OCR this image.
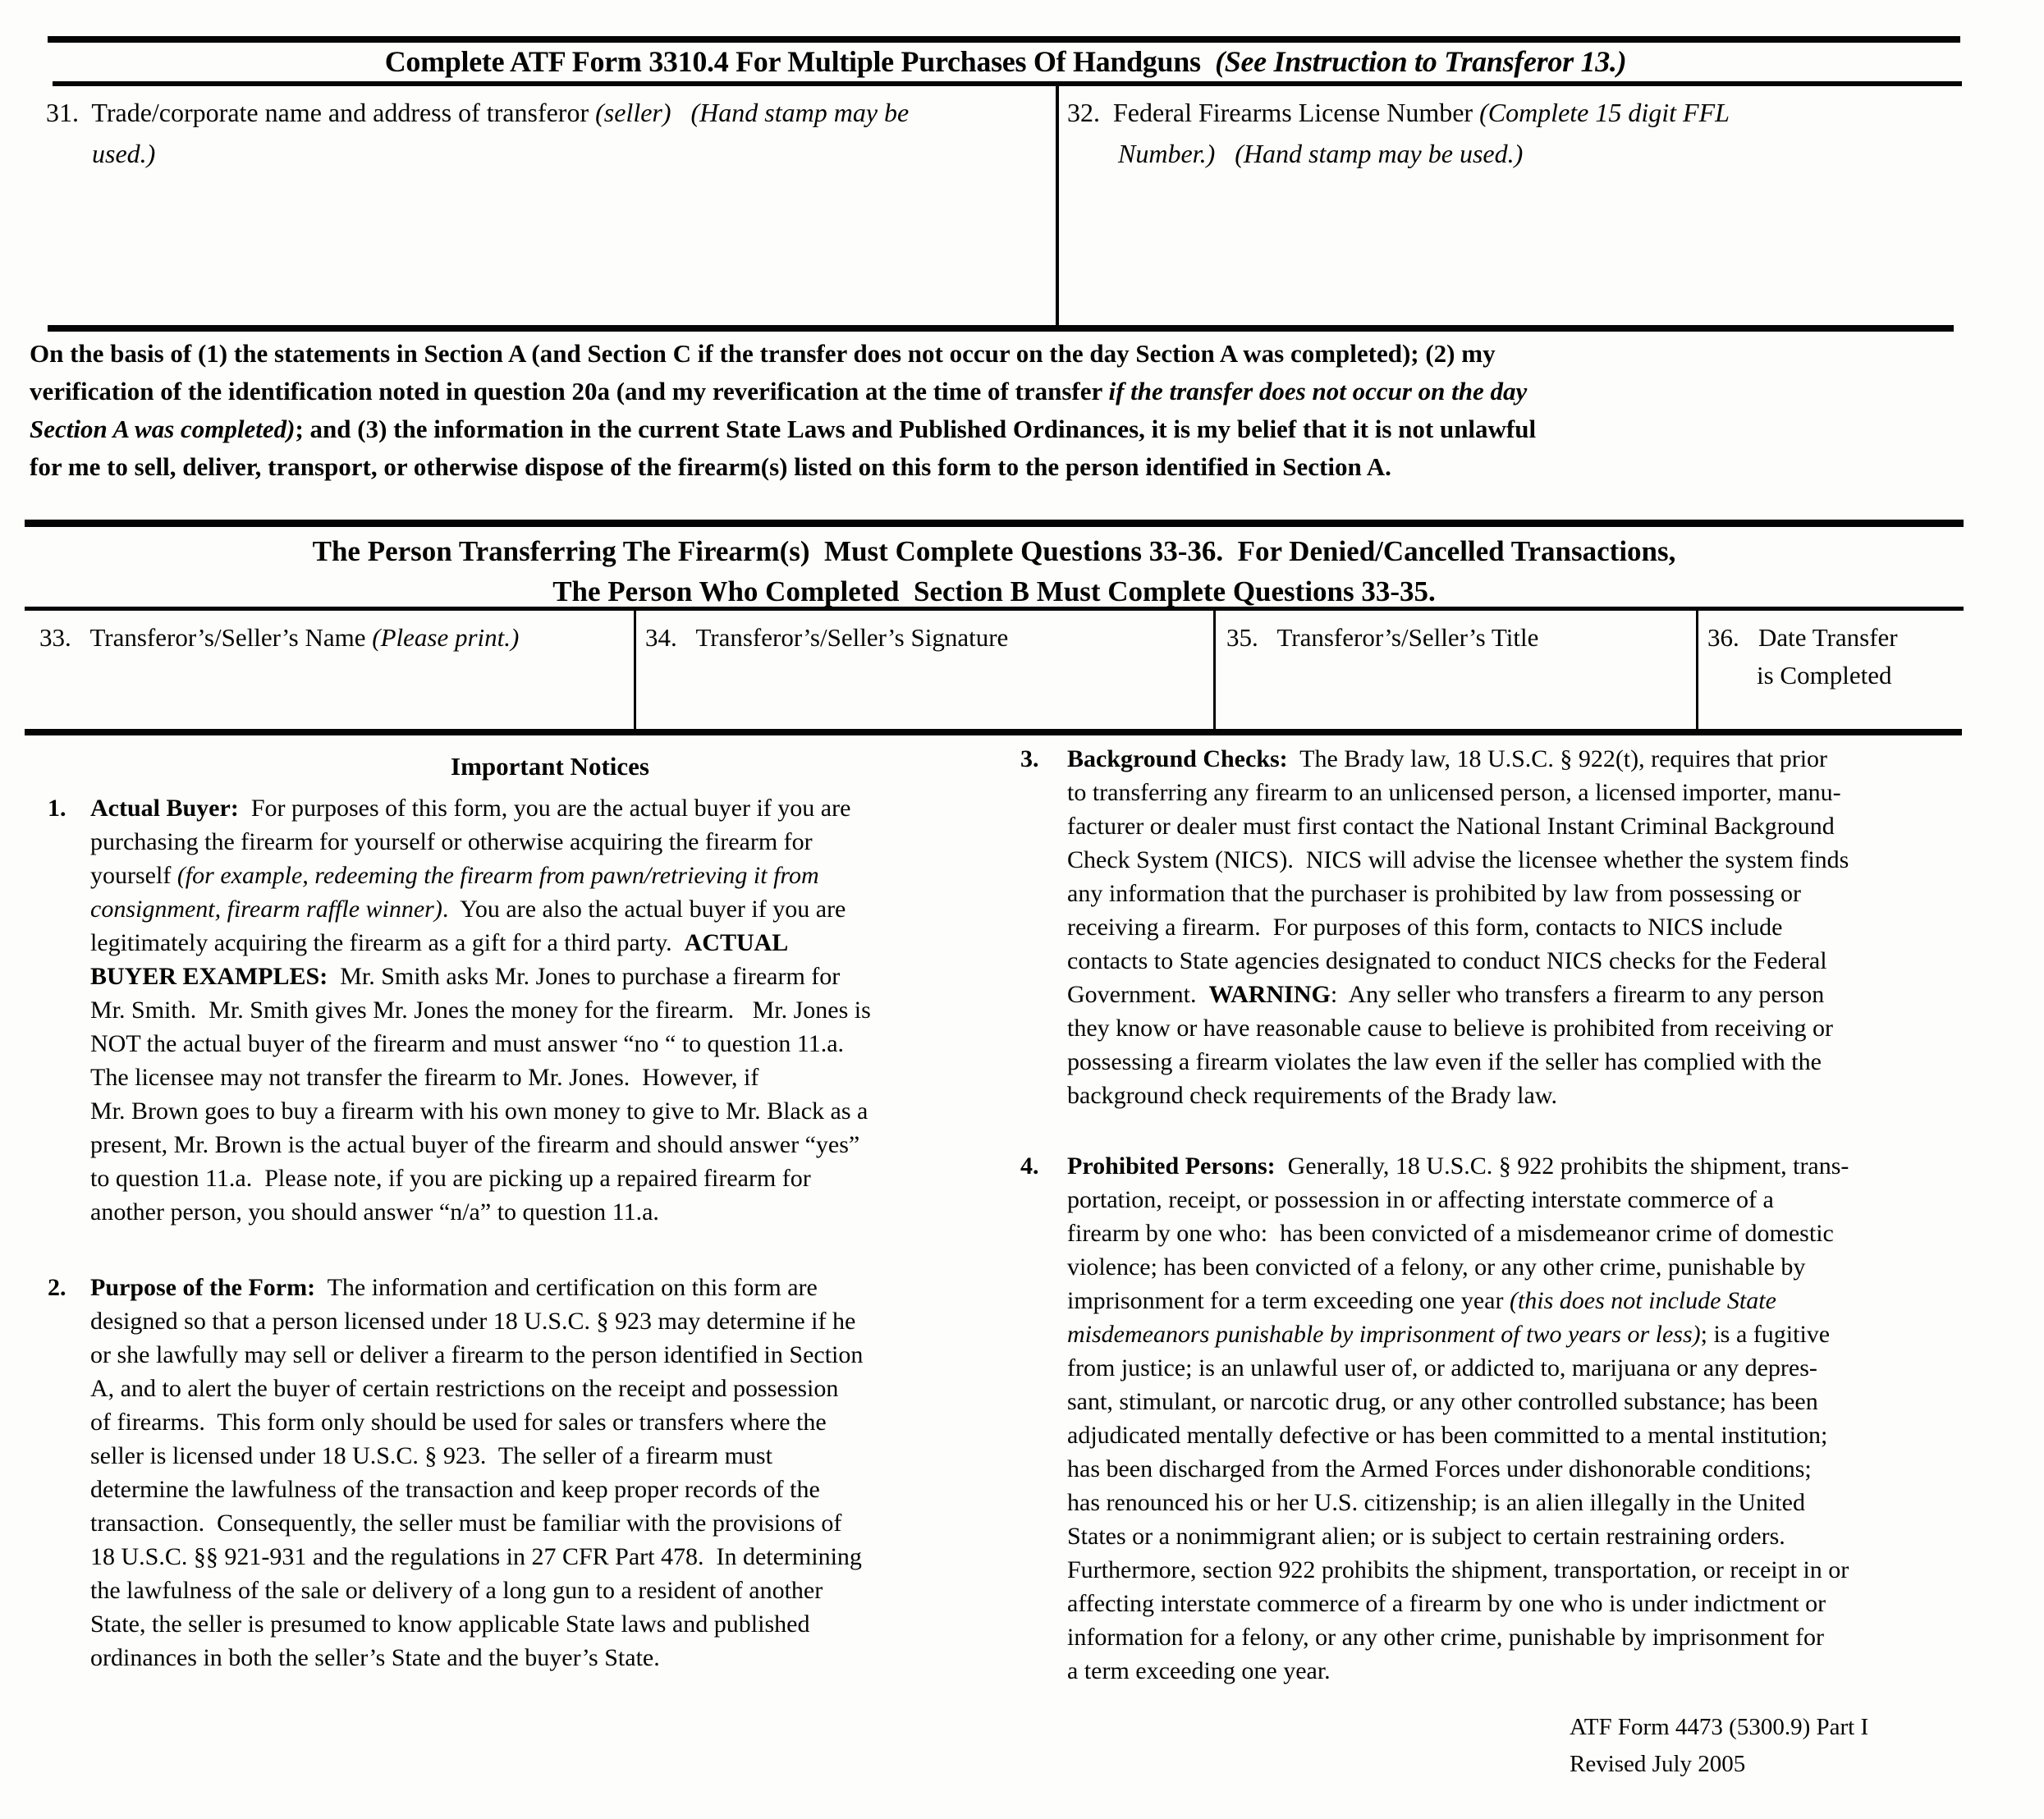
Complete ATF Form 3310.4 For Multiple Purchases Of Handguns  (See Instruction to Transferor 13.)
31.  Trade/corporate name and address of transferor (seller) (Hand stamp may be
used.)
32.  Federal Firearms License Number (Complete 15 digit FFL
Number.)   (Hand stamp may be used.)
On the basis of (1) the statements in Section A (and Section C if the transfer does not occur on the day Section A was completed); (2) my
verification of the identification noted in question 20a (and my reverification at the time of transfer if the transfer does not occur on the day
Section A was completed); and (3) the information in the current State Laws and Published Ordinances, it is my belief that it is not unlawful
for me to sell, deliver, transport, or otherwise dispose of the firearm(s) listed on this form to the person identified in Section A.
The Person Transferring The Firearm(s)  Must Complete Questions 33-36.  For Denied/Cancelled Transactions,
The Person Who Completed  Section B Must Complete Questions 33-35.
33.   Transferor’s/Seller’s Name (Please print.)	34.   Transferor’s/Seller’s Signature	35.   Transferor’s/Seller’s Title	36.   Date Transfer
is Completed
Important Notices
1. Actual Buyer:  For purposes of this form, you are the actual buyer if you are
purchasing the firearm for yourself or otherwise acquiring the firearm for
yourself (for example, redeeming the firearm from pawn/retrieving it from
consignment, firearm raffle winner).  You are also the actual buyer if you are
legitimately acquiring the firearm as a gift for a third party.  ACTUAL
BUYER EXAMPLES:  Mr. Smith asks Mr. Jones to purchase a firearm for
Mr. Smith.  Mr. Smith gives Mr. Jones the money for the firearm.   Mr. Jones is
NOT the actual buyer of the firearm and must answer “no “ to question 11.a.
The licensee may not transfer the firearm to Mr. Jones.  However, if
Mr. Brown goes to buy a firearm with his own money to give to Mr. Black as a
present, Mr. Brown is the actual buyer of the firearm and should answer “yes”
to question 11.a.  Please note, if you are picking up a repaired firearm for
another person, you should answer “n/a” to question 11.a.
2. Purpose of the Form:  The information and certification on this form are
designed so that a person licensed under 18 U.S.C. § 923 may determine if he
or she lawfully may sell or deliver a firearm to the person identified in Section
A, and to alert the buyer of certain restrictions on the receipt and possession
of firearms.  This form only should be used for sales or transfers where the
seller is licensed under 18 U.S.C. § 923.  The seller of a firearm must
determine the lawfulness of the transaction and keep proper records of the
transaction.  Consequently, the seller must be familiar with the provisions of
18 U.S.C. §§ 921-931 and the regulations in 27 CFR Part 478.  In determining
the lawfulness of the sale or delivery of a long gun to a resident of another
State, the seller is presumed to know applicable State laws and published
ordinances in both the seller’s State and the buyer’s State.
3. Background Checks:  The Brady law, 18 U.S.C. § 922(t), requires that prior
to transferring any firearm to an unlicensed person, a licensed importer, manu-
facturer or dealer must first contact the National Instant Criminal Background
Check System (NICS).  NICS will advise the licensee whether the system finds
any information that the purchaser is prohibited by law from possessing or
receiving a firearm.  For purposes of this form, contacts to NICS include
contacts to State agencies designated to conduct NICS checks for the Federal
Government.  WARNING:  Any seller who transfers a firearm to any person
they know or have reasonable cause to believe is prohibited from receiving or
possessing a firearm violates the law even if the seller has complied with the
background check requirements of the Brady law.
4. Prohibited Persons:  Generally, 18 U.S.C. § 922 prohibits the shipment, trans-
portation, receipt, or possession in or affecting interstate commerce of a
firearm by one who:  has been convicted of a misdemeanor crime of domestic
violence; has been convicted of a felony, or any other crime, punishable by
imprisonment for a term exceeding one year (this does not include State
misdemeanors punishable by imprisonment of two years or less); is a fugitive
from justice; is an unlawful user of, or addicted to, marijuana or any depres-
sant, stimulant, or narcotic drug, or any other controlled substance; has been
adjudicated mentally defective or has been committed to a mental institution;
has been discharged from the Armed Forces under dishonorable conditions;
has renounced his or her U.S. citizenship; is an alien illegally in the United
States or a nonimmigrant alien; or is subject to certain restraining orders.
Furthermore, section 922 prohibits the shipment, transportation, or receipt in or
affecting interstate commerce of a firearm by one who is under indictment or
information for a felony, or any other crime, punishable by imprisonment for
a term exceeding one year.
ATF Form 4473 (5300.9) Part I
Revised July 2005
